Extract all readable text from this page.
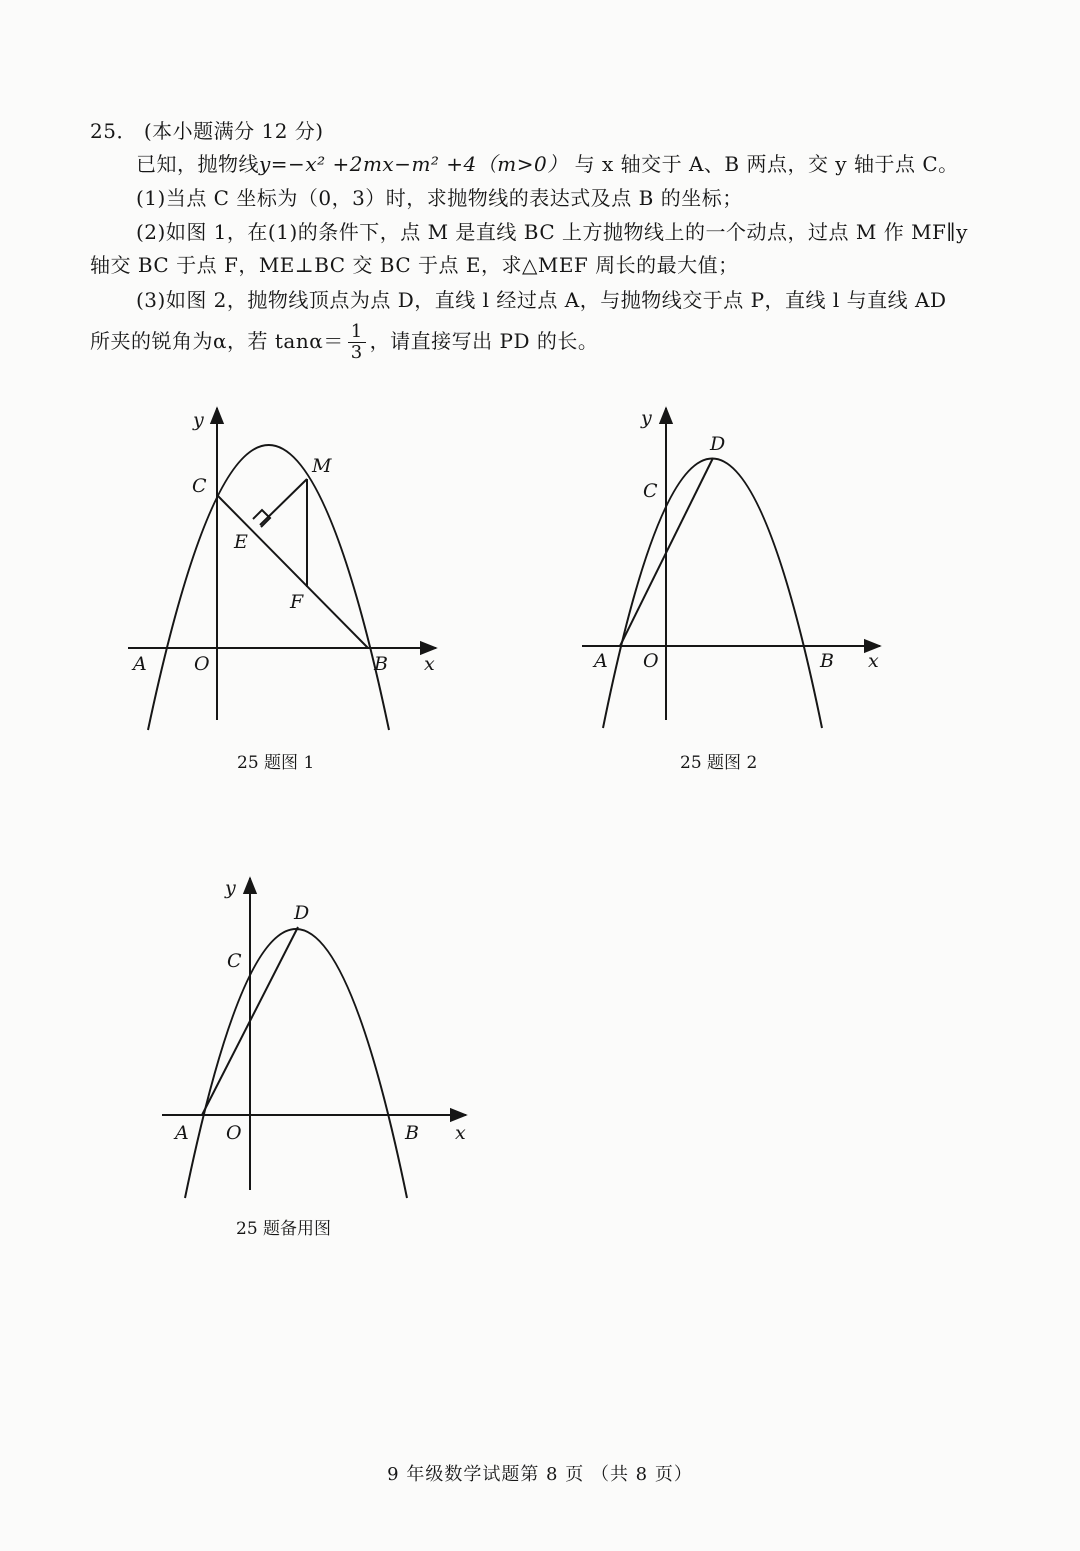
25． (本小题满分 12 分)
已知，抛物线y=−x² +2mx−m² +4（m>0） 与 x 轴交于 A、B 两点，交 y 轴于点 C。
(1)当点 C 坐标为（0，3）时，求抛物线的表达式及点 B 的坐标；
(2)如图 1，在(1)的条件下，点 M 是直线 BC 上方抛物线上的一个动点，过点 M 作 MF∥y
轴交 BC 于点 F，ME⊥BC 交 BC 于点 E，求△MEF 周长的最大值；
(3)如图 2，抛物线顶点为点 D，直线 l 经过点 A，与抛物线交于点 P，直线 l 与直线 AD
所夹的锐角为α，若 $\tan\alpha= \frac{1}{3}$ ，请直接写出 PD 的长。
y
C
M
E
F
A O	B x
25 题图 1
y
D
C
A O	B x
25 题图 2
y
D
C
A O	B x
25 题备用图
9 年级数学试题第 8 页 （共 8 页）
